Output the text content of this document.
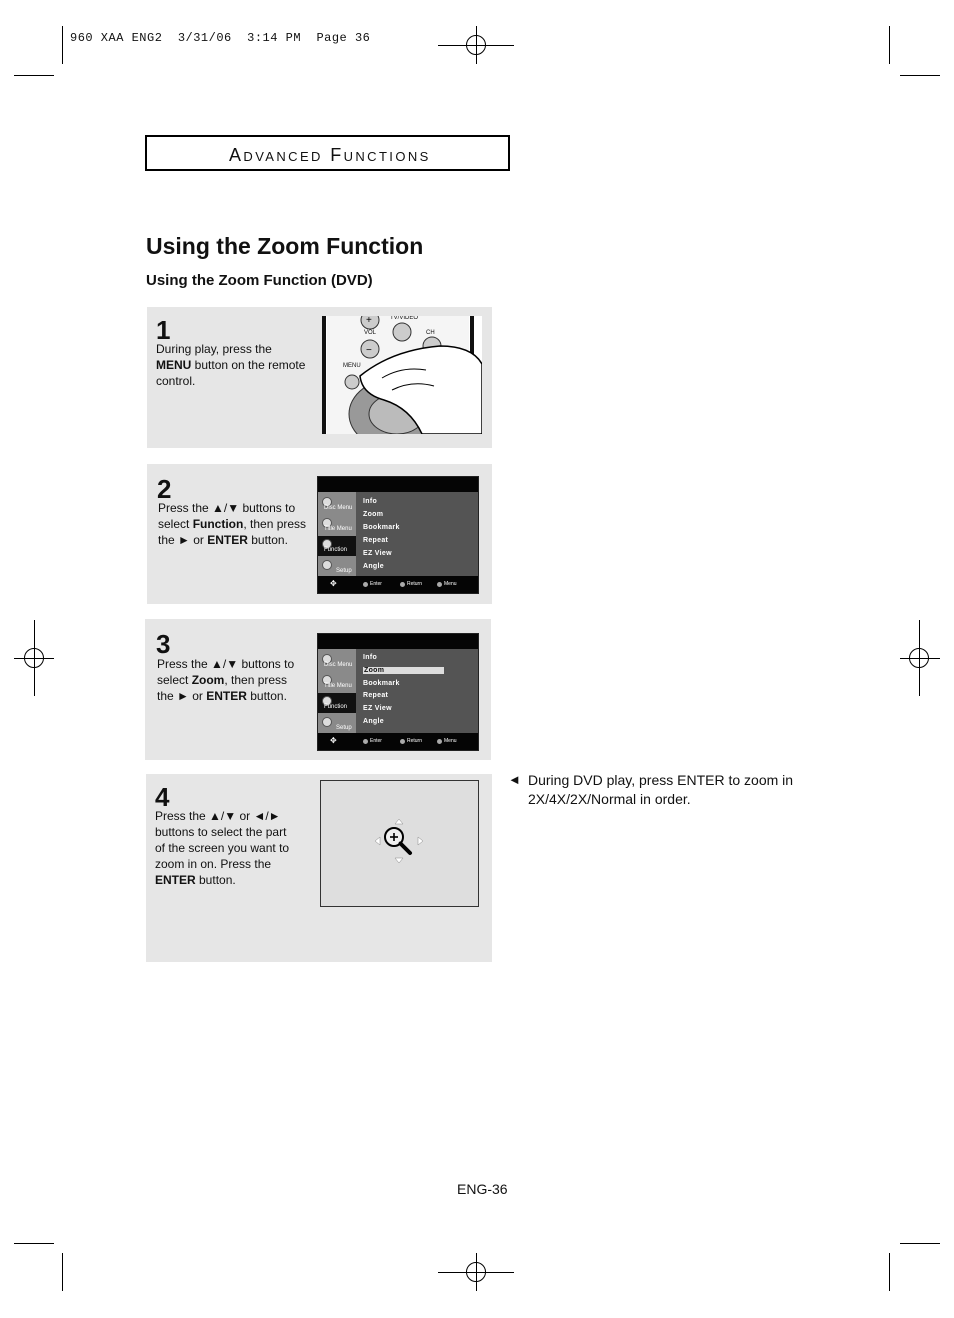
960 XAA ENG2  3/31/06  3:14 PM  Page 36
Advanced Functions
Using the Zoom Function
Using the Zoom Function (DVD)
1
During play, press the MENU button on the remote control.
+
−
TV/VIDEO
VOL	CH
MENU
2
Press the ▲/▼ buttons to select Function, then press the ► or ENTER button.
Disc Menu
Title Menu
Function
Setup
Info
Zoom
Bookmark
Repeat
EZ View
Angle
✥	Enter	Return	Menu
3
Press the ▲/▼ buttons to select Zoom, then press the ► or ENTER button.
Disc Menu
Title Menu
Function
Setup
Info
Zoom
Bookmark
Repeat
EZ View
Angle
✥	Enter	Return	Menu
4
Press the ▲/▼ or ◄/► buttons to select the part of the screen you want to zoom in on. Press the ENTER button.
◄ During DVD play, press ENTER to zoom in 2X/4X/2X/Normal in order.
ENG-36
